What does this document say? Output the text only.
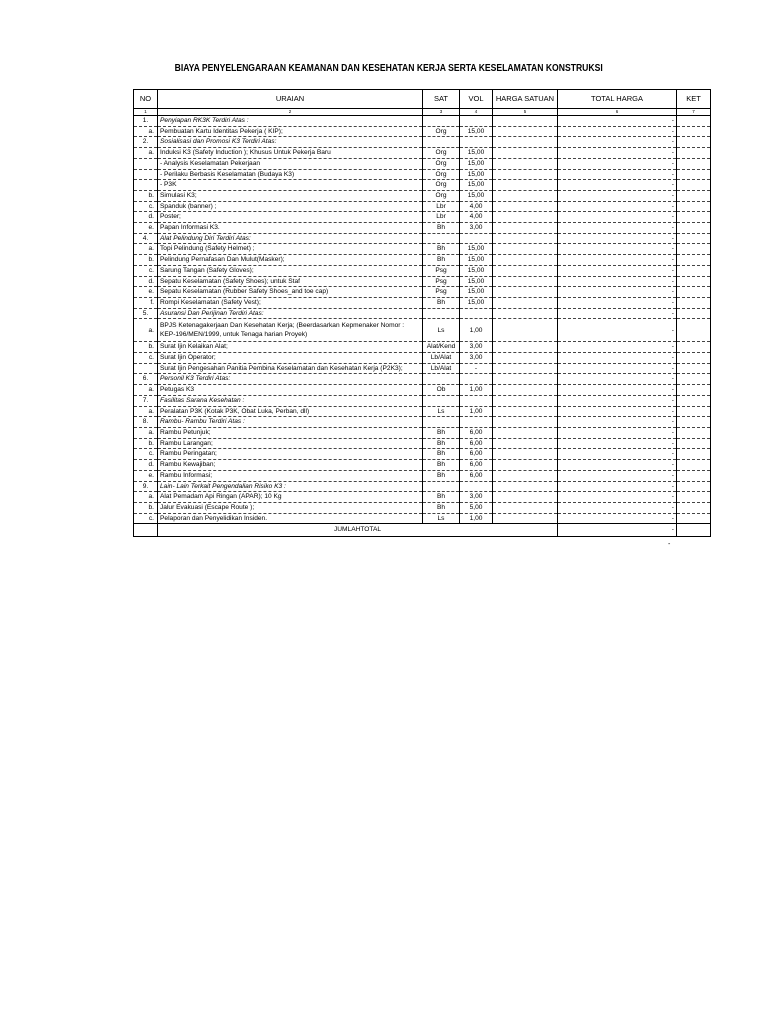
BIAYA PENYELENGARAAN KEAMANAN DAN KESEHATAN KERJA SERTA KESELAMATAN KONSTRUKSI
NO	URAIAN	SAT	VOL	HARGA SATUAN	TOTAL HARGA	KET
1	2	3	4	5	6	7
1.	Penyiapan RK3K Terdiri Atas :				-	
a.	Pembuatan Kartu Identitas Pekerja ( KIP);	Org	15,00		-	
2.	Sosialisasi dan Promosi K3 Terdiri Atas:				-	
a.	Induksi K3 (Safety Induction ); Khusus Untuk Pekerja Baru	Org	15,00		-	
	- Analysis Keselamatan Pekerjaan	Org	15,00		-	
	- Perilaku Berbasis Keselamatan (Budaya K3)	Org	15,00		-	
	- P3K	Org	15,00		-	
b.	Simulasi K3;	Org	15,00		-	
c.	Spanduk (banner) ;	Lbr	4,00		-	
d.	Poster;	Lbr	4,00		-	
e.	Papan Informasi K3.	Bh	3,00		-	
4.	Alat Pelindung Diri Terdiri Atas:				-	
a.	Topi Pelindung (Safety Helmet) ;	Bh	15,00		-	
b.	Pelindung Pernafasan Dan Mulut(Masker);	Bh	15,00		-	
c.	Sarung Tangan (Safety Gloves);	Psg	15,00		-	
d.	Sepatu Keselamatan (Safety Shoes); untuk Staf	Psg	15,00		-	
e.	Sepatu Keselamatan (Rubber Safety Shoes_and toe cap)	Psg	15,00		-	
f.	Rompi Keselamatan (Safety Vest);	Bh	15,00		-	
5.	Asuransi Dan Perijinan Terdiri Atas:				-	
a.	BPJS Ketenagakerjaan Dan Kesehatan Kerja; (Beerdasarkan Kepmenaker Nomor : KEP-196/MEN/1999, untuk Tenaga harian Proyek)	Ls	1,00		-	
b.	Surat Ijin Kelaikan Alat;	Alat/Kend	3,00		-	
c.	Surat Ijin Operator;	Lb/Alat	3,00		-	
	Surat Ijin Pengesahan Panitia Pembina Keselamatan dan Kesehatan Kerja (P2K3);	Lb/Alat	-		-	
6.	Personil K3 Terdiri Atas:				-	
a.	Petugas K3	Ob	1,00		-	
7.	Fasilitas Sarana Kesehatan :				-	
a.	Peralatan P3K (Kotak P3K, Obat Luka, Perban, dll)	Ls	1,00		-	
8.	Rambu- Rambu Terdiri Atas :				-	
a.	Rambu Petunjuk;	Bh	6,00		-	
b.	Rambu Larangan;	Bh	6,00		-	
c.	Rambu Peringatan;	Bh	6,00		-	
d.	Rambu Kewajiban;	Bh	6,00		-	
e.	Rambu Informasi;	Bh	6,00		-	
9.	Lain- Lain Terkait Pengendalian Risiko K3 :				-	
a.	Alat Pemadam Api Ringan (APAR); 10 Kg	Bh	3,00		-	
b.	Jalur Evakuasi (Escape Route );	Bh	5,00		-	
c.	Pelaporan dan Penyelidikan Insiden.	Ls	1,00		-	
	JUMLAHTOTAL				-	
-
